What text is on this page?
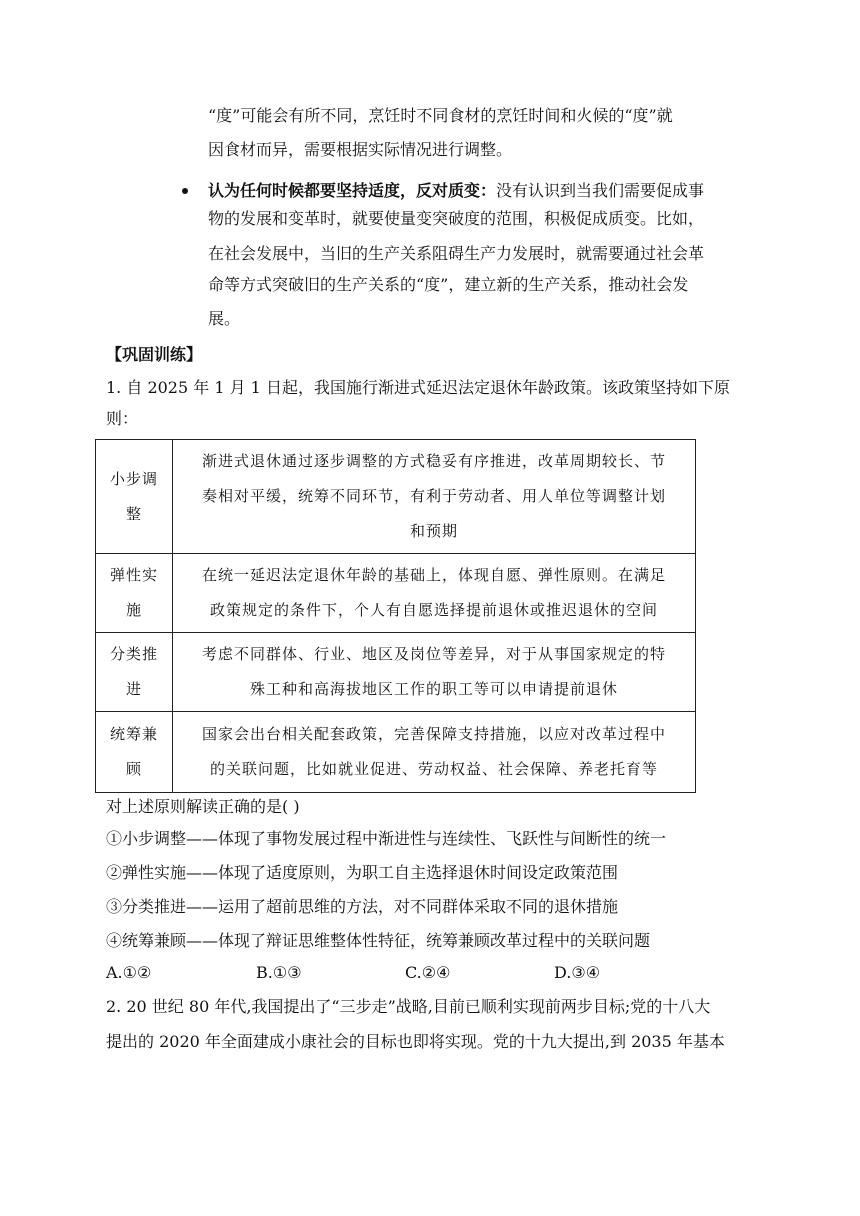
“度”可能会有所不同，烹饪时不同食材的烹饪时间和火候的“度”就
因食材而异，需要根据实际情况进行调整。
认为任何时候都要坚持适度，反对质变：没有认识到当我们需要促成事
物的发展和变革时，就要使量变突破度的范围，积极促成质变。比如，
在社会发展中，当旧的生产关系阻碍生产力发展时，就需要通过社会革
命等方式突破旧的生产关系的“度”，建立新的生产关系，推动社会发
展。
【巩固训练】
1. 自 2025 年 1 月 1 日起，我国施行渐进式延迟法定退休年龄政策。该政策坚持如下原
则：
小步调
整	渐进式退休通过逐步调整的方式稳妥有序推进，改革周期较长、节
奏相对平缓，统筹不同环节，有利于劳动者、用人单位等调整计划
和预期
弹性实
施	在统一延迟法定退休年龄的基础上，体现自愿、弹性原则。在满足
政策规定的条件下，个人有自愿选择提前退休或推迟退休的空间
分类推
进	考虑不同群体、行业、地区及岗位等差异，对于从事国家规定的特
殊工种和高海拔地区工作的职工等可以申请提前退休
统筹兼
顾	国家会出台相关配套政策，完善保障支持措施，以应对改革过程中
的关联问题，比如就业促进、劳动权益、社会保障、养老托育等
对上述原则解读正确的是( )
①小步调整——体现了事物发展过程中渐进性与连续性、飞跃性与间断性的统一
②弹性实施——体现了适度原则，为职工自主选择退休时间设定政策范围
③分类推进——运用了超前思维的方法，对不同群体采取不同的退休措施
④统筹兼顾——体现了辩证思维整体性特征，统筹兼顾改革过程中的关联问题
A.①②	B.①③	C.②④	D.③④
2. 20 世纪 80 年代,我国提出了“三步走”战略,目前已顺利实现前两步目标;党的十八大
提出的 2020 年全面建成小康社会的目标也即将实现。党的十九大提出,到 2035 年基本
